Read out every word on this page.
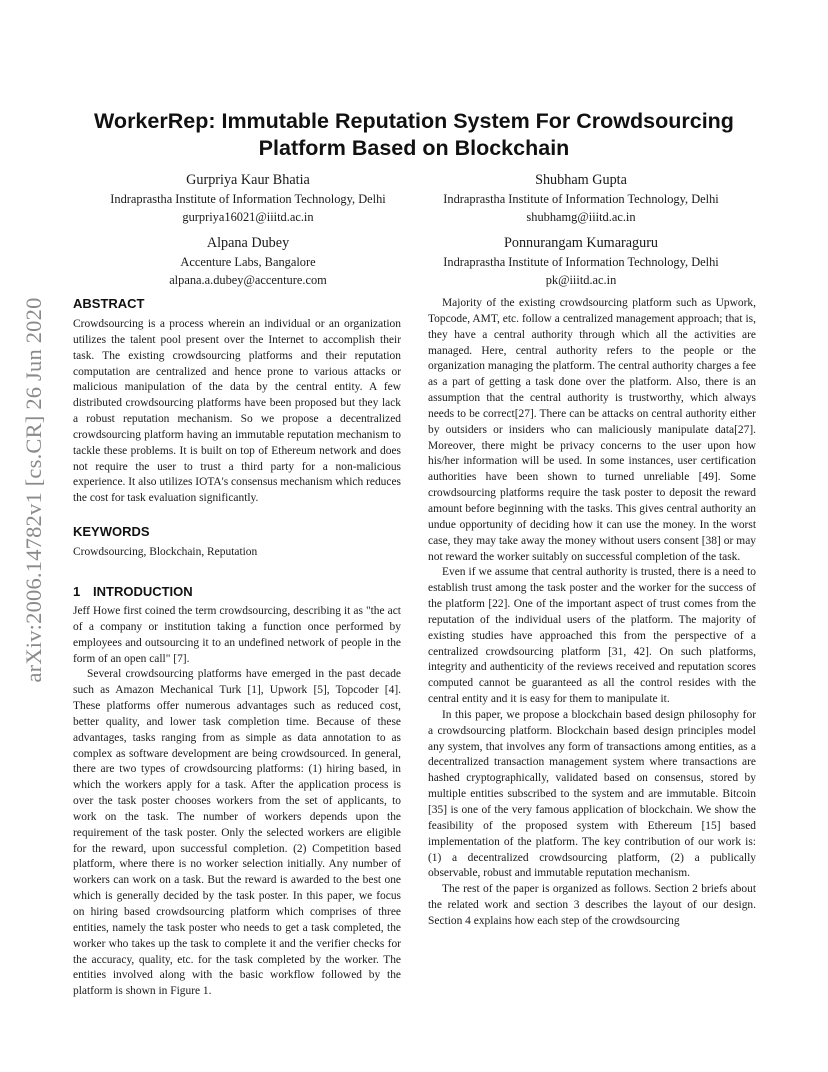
arXiv:2006.14782v1 [cs.CR] 26 Jun 2020
WorkerRep: Immutable Reputation System For Crowdsourcing Platform Based on Blockchain
Gurpriya Kaur Bhatia
Indraprastha Institute of Information Technology, Delhi
gurpriya16021@iiitd.ac.in
Shubham Gupta
Indraprastha Institute of Information Technology, Delhi
shubhamg@iiitd.ac.in
Alpana Dubey
Accenture Labs, Bangalore
alpana.a.dubey@accenture.com
Ponnurangam Kumaraguru
Indraprastha Institute of Information Technology, Delhi
pk@iiitd.ac.in
ABSTRACT

Crowdsourcing is a process wherein an individual or an organization utilizes the talent pool present over the Internet to accomplish their task. The existing crowdsourcing platforms and their reputation computation are centralized and hence prone to various attacks or malicious manipulation of the data by the central entity. A few distributed crowdsourcing platforms have been proposed but they lack a robust reputation mechanism. So we propose a decentralized crowdsourcing platform having an immutable reputation mechanism to tackle these problems. It is built on top of Ethereum network and does not require the user to trust a third party for a non-malicious experience. It also utilizes IOTA's consensus mechanism which reduces the cost for task evaluation significantly.

KEYWORDS

Crowdsourcing, Blockchain, Reputation

1 INTRODUCTION

Jeff Howe first coined the term crowdsourcing, describing it as "the act of a company or institution taking a function once performed by employees and outsourcing it to an undefined network of people in the form of an open call" [7].

Several crowdsourcing platforms have emerged in the past decade such as Amazon Mechanical Turk [1], Upwork [5], Topcoder [4]. These platforms offer numerous advantages such as reduced cost, better quality, and lower task completion time. Because of these advantages, tasks ranging from as simple as data annotation to as complex as software development are being crowdsourced. In general, there are two types of crowdsourcing platforms: (1) hiring based, in which the workers apply for a task. After the application process is over the task poster chooses workers from the set of applicants, to work on the task. The number of workers depends upon the requirement of the task poster. Only the selected workers are eligible for the reward, upon successful completion. (2) Competition based platform, where there is no worker selection initially. Any number of workers can work on a task. But the reward is awarded to the best one which is generally decided by the task poster. In this paper, we focus on hiring based crowdsourcing platform which comprises of three entities, namely the task poster who needs to get a task completed, the worker who takes up the task to complete it and the verifier checks for the accuracy, quality, etc. for the task completed by the worker. The entities involved along with the basic workflow followed by the platform is shown in Figure 1.

Majority of the existing crowdsourcing platform such as Upwork, Topcode, AMT, etc. follow a centralized management approach; that is, they have a central authority through which all the activities are managed. Here, central authority refers to the people or the organization managing the platform. The central authority charges a fee as a part of getting a task done over the platform. Also, there is an assumption that the central authority is trustworthy, which always needs to be correct[27]. There can be attacks on central authority either by outsiders or insiders who can maliciously manipulate data[27]. Moreover, there might be privacy concerns to the user upon how his/her information will be used. In some instances, user certification authorities have been shown to turned unreliable [49]. Some crowdsourcing platforms require the task poster to deposit the reward amount before beginning with the tasks. This gives central authority an undue opportunity of deciding how it can use the money. In the worst case, they may take away the money without users consent [38] or may not reward the worker suitably on successful completion of the task.

Even if we assume that central authority is trusted, there is a need to establish trust among the task poster and the worker for the success of the platform [22]. One of the important aspect of trust comes from the reputation of the individual users of the platform. The majority of existing studies have approached this from the perspective of a centralized crowdsourcing platform [31, 42]. On such platforms, integrity and authenticity of the reviews received and reputation scores computed cannot be guaranteed as all the control resides with the central entity and it is easy for them to manipulate it.

In this paper, we propose a blockchain based design philosophy for a crowdsourcing platform. Blockchain based design principles model any system, that involves any form of transactions among entities, as a decentralized transaction management system where transactions are hashed cryptographically, validated based on consensus, stored by multiple entities subscribed to the system and are immutable. Bitcoin [35] is one of the very famous application of blockchain. We show the feasibility of the proposed system with Ethereum [15] based implementation of the platform. The key contribution of our work is: (1) a decentralized crowdsourcing platform, (2) a publically observable, robust and immutable reputation mechanism.

The rest of the paper is organized as follows. Section 2 briefs about the related work and section 3 describes the layout of our design. Section 4 explains how each step of the crowdsourcing
